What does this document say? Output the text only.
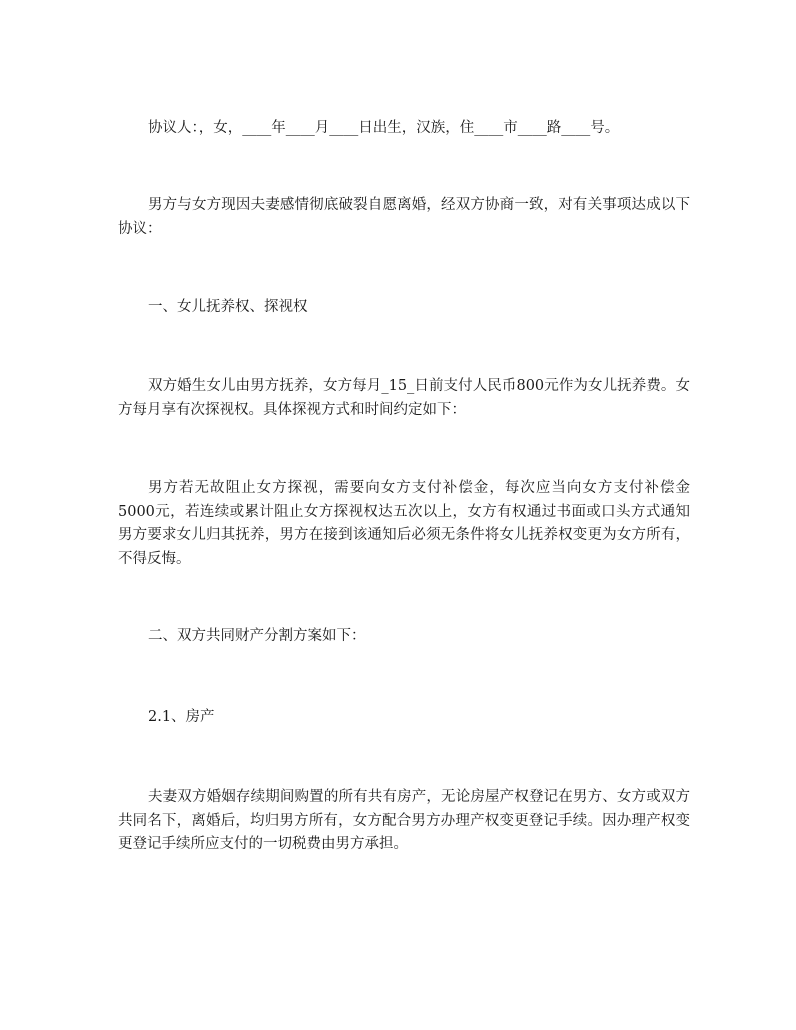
协议人：，女，____年____月____日出生，汉族，住____市____路____号。

男方与女方现因夫妻感情彻底破裂自愿离婚，经双方协商一致，对有关事项达成以下协议：

一、女儿抚养权、探视权

双方婚生女儿由男方抚养，女方每月_15_日前支付人民币800元作为女儿抚养费。女方每月享有次探视权。具体探视方式和时间约定如下：

男方若无故阻止女方探视，需要向女方支付补偿金，每次应当向女方支付补偿金5000元，若连续或累计阻止女方探视权达五次以上，女方有权通过书面或口头方式通知男方要求女儿归其抚养，男方在接到该通知后必须无条件将女儿抚养权变更为女方所有，不得反悔。

二、双方共同财产分割方案如下：

2.1、房产

夫妻双方婚姻存续期间购置的所有共有房产，无论房屋产权登记在男方、女方或双方共同名下，离婚后，均归男方所有，女方配合男方办理产权变更登记手续。因办理产权变更登记手续所应支付的一切税费由男方承担。
